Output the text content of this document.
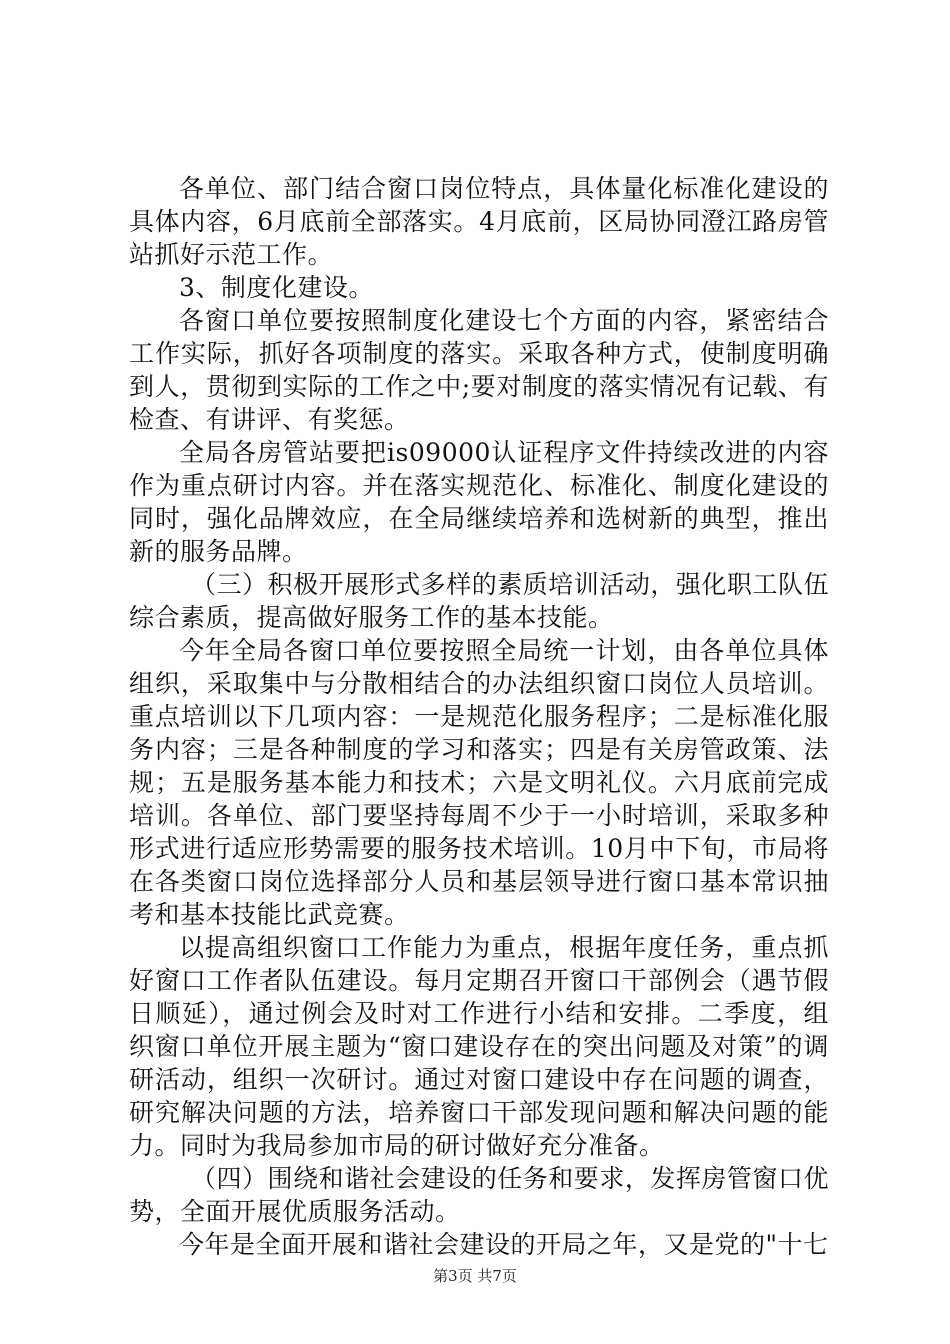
各单位、部门结合窗口岗位特点，具体量化标准化建设的具体内容，6月底前全部落实。4月底前，区局协同澄江路房管站抓好示范工作。

3、制度化建设。

各窗口单位要按照制度化建设七个方面的内容，紧密结合工作实际，抓好各项制度的落实。采取各种方式，使制度明确到人，贯彻到实际的工作之中;要对制度的落实情况有记载、有检查、有讲评、有奖惩。

全局各房管站要把is09000认证程序文件持续改进的内容作为重点研讨内容。并在落实规范化、标准化、制度化建设的同时，强化品牌效应，在全局继续培养和选树新的典型，推出新的服务品牌。

（三）积极开展形式多样的素质培训活动，强化职工队伍综合素质，提高做好服务工作的基本技能。

今年全局各窗口单位要按照全局统一计划，由各单位具体组织，采取集中与分散相结合的办法组织窗口岗位人员培训。重点培训以下几项内容：一是规范化服务程序；二是标准化服务内容；三是各种制度的学习和落实；四是有关房管政策、法规；五是服务基本能力和技术；六是文明礼仪。六月底前完成培训。各单位、部门要坚持每周不少于一小时培训，采取多种形式进行适应形势需要的服务技术培训。10月中下旬，市局将在各类窗口岗位选择部分人员和基层领导进行窗口基本常识抽考和基本技能比武竞赛。

以提高组织窗口工作能力为重点，根据年度任务，重点抓好窗口工作者队伍建设。每月定期召开窗口干部例会（遇节假日顺延），通过例会及时对工作进行小结和安排。二季度，组织窗口单位开展主题为“窗口建设存在的突出问题及对策”的调研活动，组织一次研讨。通过对窗口建设中存在问题的调查，研究解决问题的方法，培养窗口干部发现问题和解决问题的能力。同时为我局参加市局的研讨做好充分准备。

（四）围绕和谐社会建设的任务和要求，发挥房管窗口优势，全面开展优质服务活动。

今年是全面开展和谐社会建设的开局之年，又是党的"十七

第3页 共7页
